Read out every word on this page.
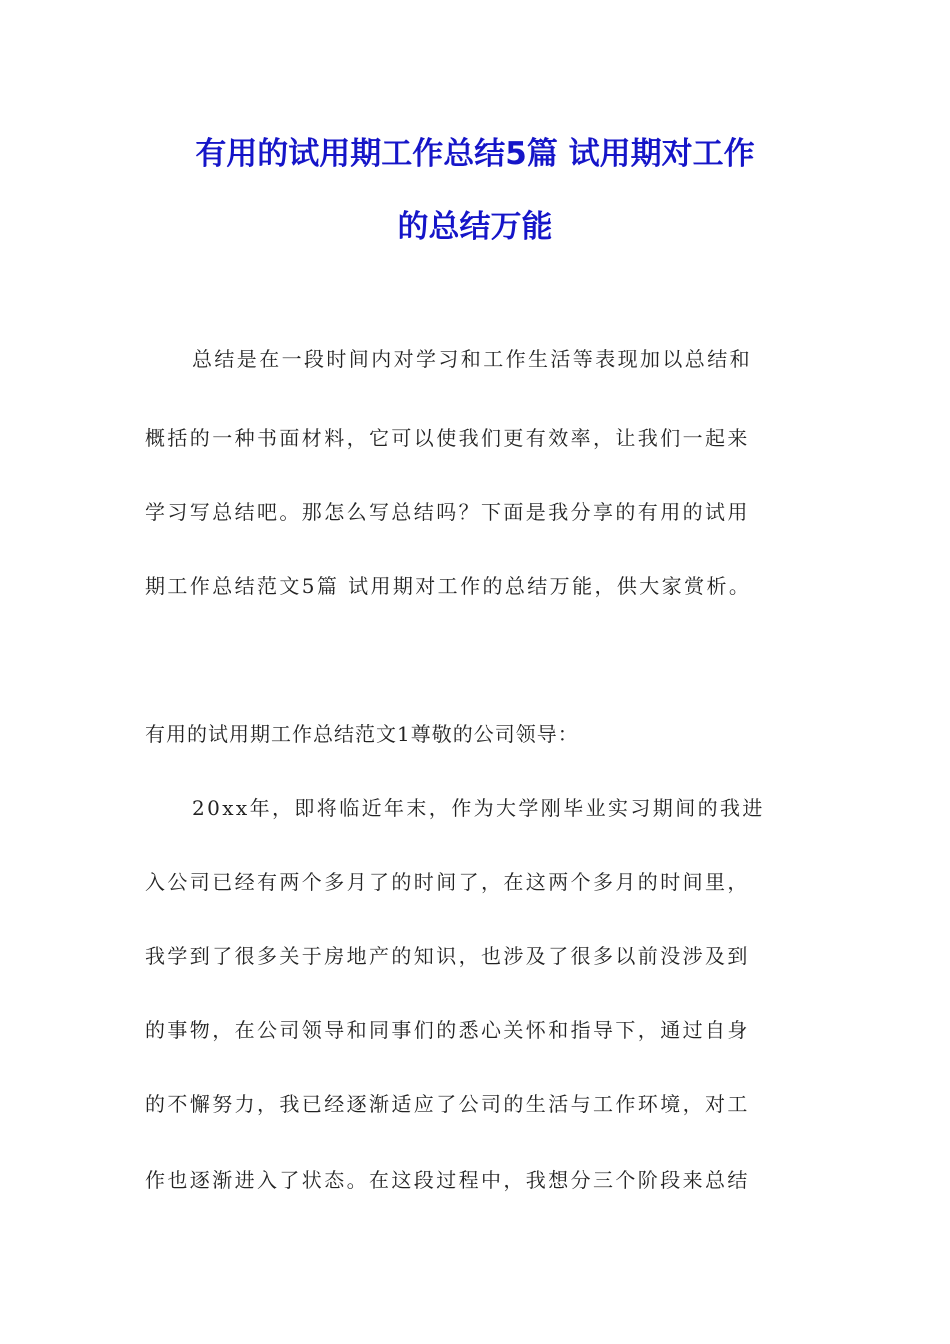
有用的试用期工作总结5篇 试用期对工作
的总结万能
总结是在一段时间内对学习和工作生活等表现加以总结和
概括的一种书面材料，它可以使我们更有效率，让我们一起来
学习写总结吧。那怎么写总结吗？下面是我分享的有用的试用
期工作总结范文5篇 试用期对工作的总结万能，供大家赏析。
有用的试用期工作总结范文1尊敬的公司领导：
20xx年，即将临近年末，作为大学刚毕业实习期间的我进
入公司已经有两个多月了的时间了，在这两个多月的时间里，
我学到了很多关于房地产的知识，也涉及了很多以前没涉及到
的事物，在公司领导和同事们的悉心关怀和指导下，通过自身
的不懈努力，我已经逐渐适应了公司的生活与工作环境，对工
作也逐渐进入了状态。在这段过程中，我想分三个阶段来总结
